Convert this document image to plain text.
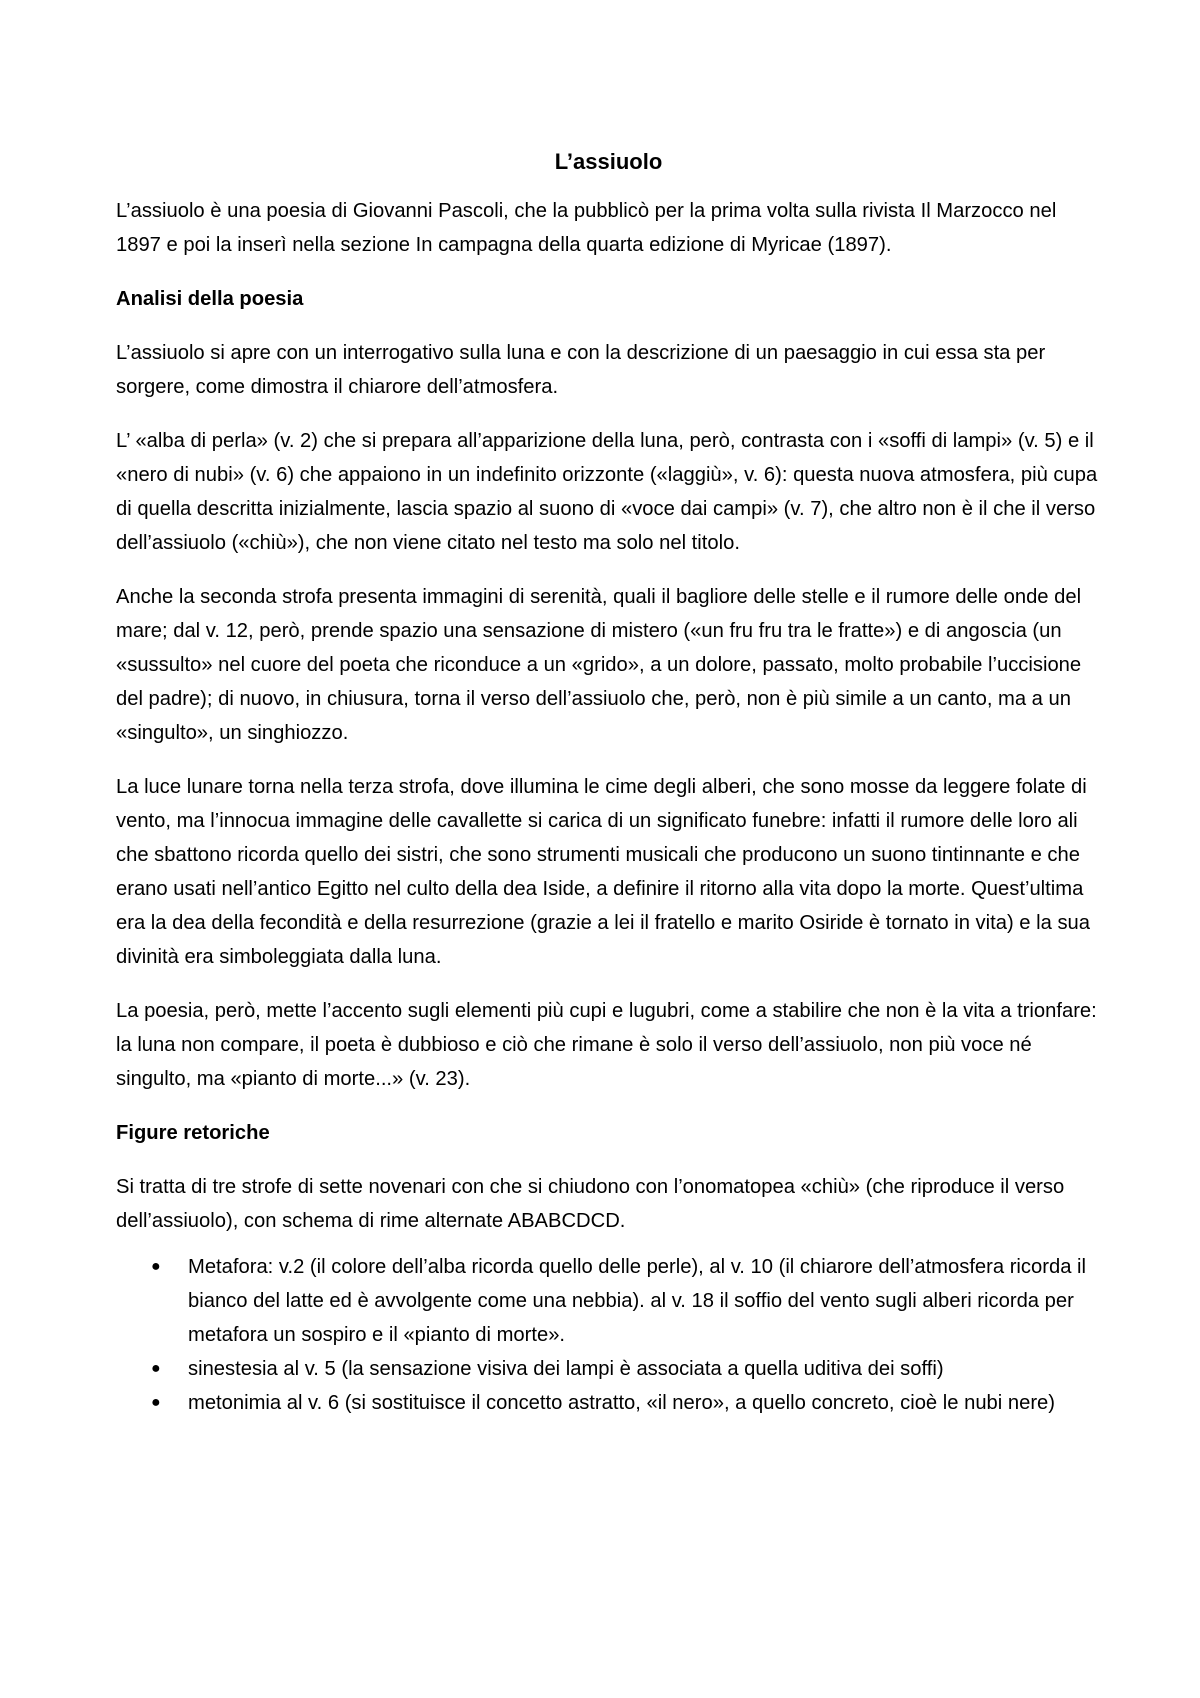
L’assiuolo

L’assiuolo è una poesia di Giovanni Pascoli, che la pubblicò per la prima volta sulla rivista Il Marzocco nel 1897 e poi la inserì nella sezione In campagna della quarta edizione di Myricae (1897).

Analisi della poesia

L’assiuolo si apre con un interrogativo sulla luna e con la descrizione di un paesaggio in cui essa sta per sorgere, come dimostra il chiarore dell’atmosfera.

L’ «alba di perla» (v. 2) che si prepara all’apparizione della luna, però, contrasta con i «soffi di lampi» (v. 5) e il «nero di nubi» (v. 6) che appaiono in un indefinito orizzonte («laggiù», v. 6): questa nuova atmosfera, più cupa di quella descritta inizialmente, lascia spazio al suono di «voce dai campi» (v. 7), che altro non è il che il verso dell’assiuolo («chiù»), che non viene citato nel testo ma solo nel titolo.

Anche la seconda strofa presenta immagini di serenità, quali il bagliore delle stelle e il rumore delle onde del mare; dal v. 12, però, prende spazio una sensazione di mistero («un fru fru tra le fratte») e di angoscia (un «sussulto» nel cuore del poeta che riconduce a un «grido», a un dolore, passato, molto probabile l’uccisione del padre); di nuovo, in chiusura, torna il verso dell’assiuolo che, però, non è più simile a un canto, ma a un «singulto», un singhiozzo.

La luce lunare torna nella terza strofa, dove illumina le cime degli alberi, che sono mosse da leggere folate di vento, ma l’innocua immagine delle cavallette si carica di un significato funebre: infatti il rumore delle loro ali che sbattono ricorda quello dei sistri, che sono strumenti musicali che producono un suono tintinnante e che erano usati nell’antico Egitto nel culto della dea Iside, a definire il ritorno alla vita dopo la morte. Quest’ultima era la dea della fecondità e della resurrezione (grazie a lei il fratello e marito Osiride è tornato in vita) e la sua divinità era simboleggiata dalla luna.

La poesia, però, mette l’accento sugli elementi più cupi e lugubri, come a stabilire che non è la vita a trionfare: la luna non compare, il poeta è dubbioso e ciò che rimane è solo il verso dell’assiuolo, non più voce né singulto, ma «pianto di morte...» (v. 23).

Figure retoriche

Si tratta di tre strofe di sette novenari con che si chiudono con l’onomatopea «chiù» (che riproduce il verso dell’assiuolo), con schema di rime alternate ABABCDCD.

● Metafora: v.2 (il colore dell’alba ricorda quello delle perle), al v. 10 (il chiarore dell’atmosfera ricorda il bianco del latte ed è avvolgente come una nebbia). al v. 18 il soffio del vento sugli alberi ricorda per metafora un sospiro e il «pianto di morte».
● sinestesia al v. 5 (la sensazione visiva dei lampi è associata a quella uditiva dei soffi)
● metonimia al v. 6 (si sostituisce il concetto astratto, «il nero», a quello concreto, cioè le nubi nere)
